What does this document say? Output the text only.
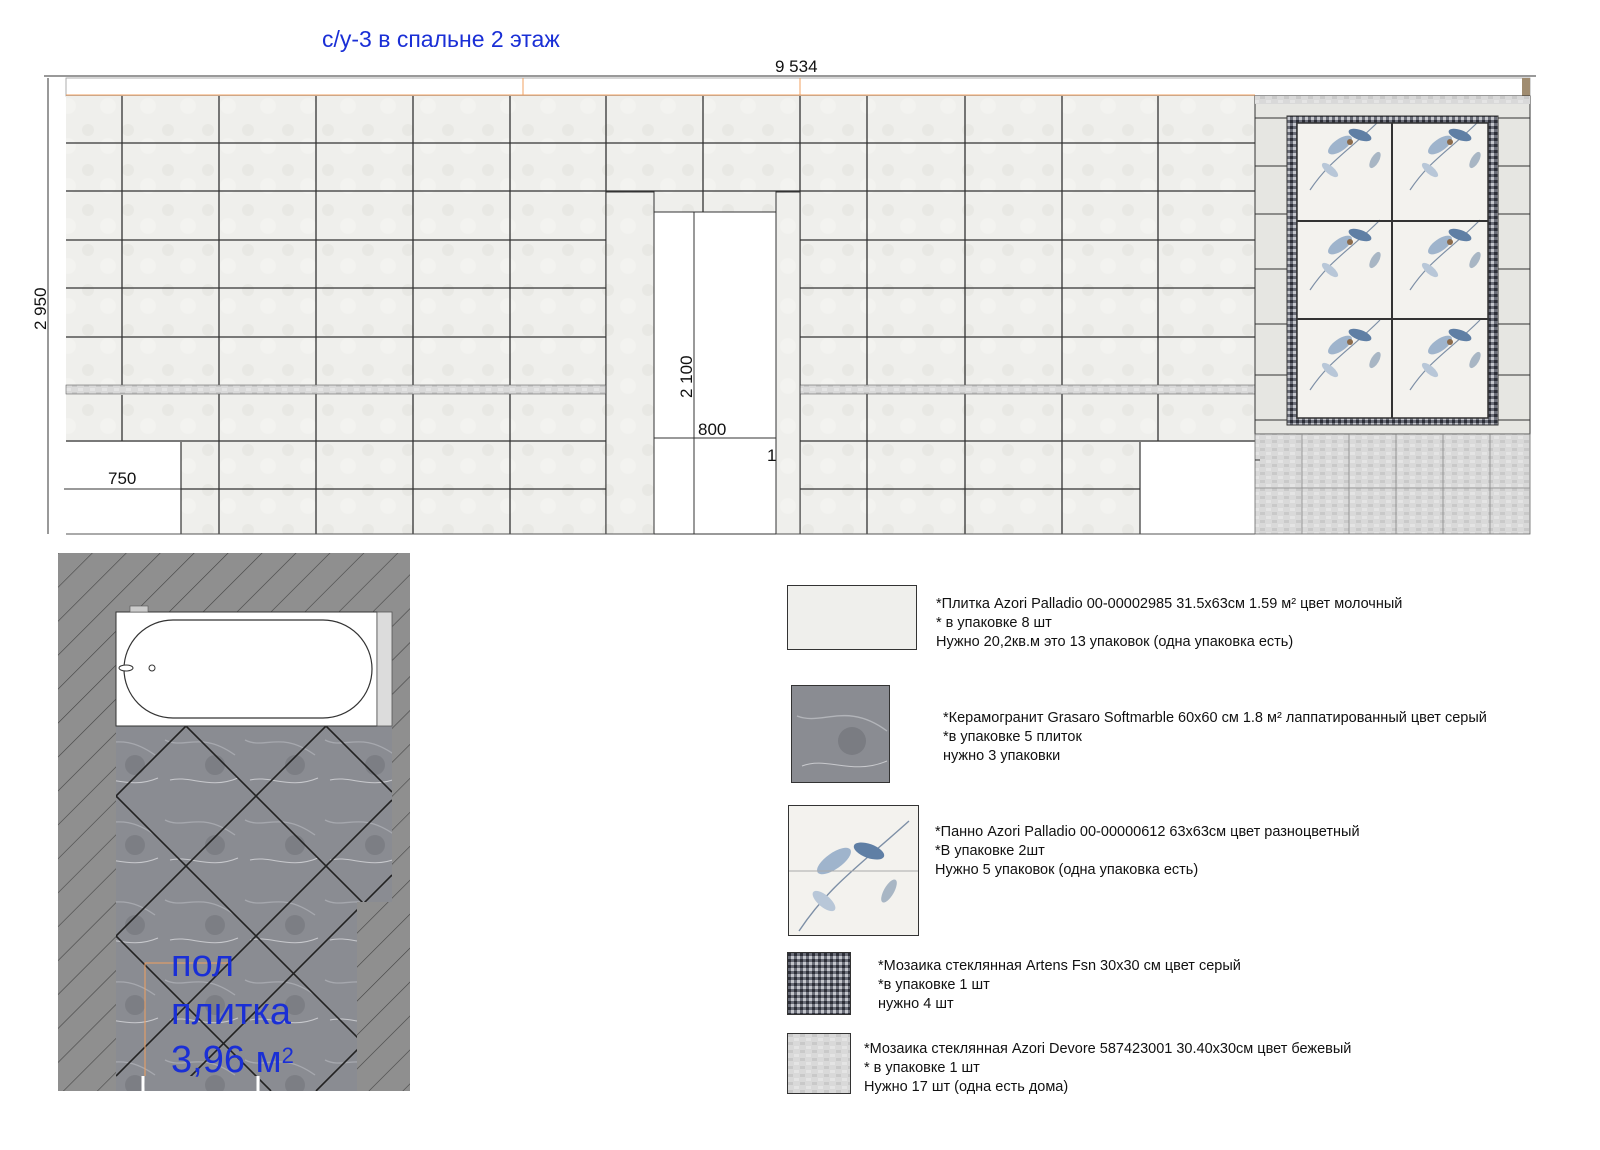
с/у-3 в спальне 2 этаж
9 534
2 950
2 100
800
750
1
пол
плитка
3,96 $м^2$
*Плитка Azori Palladio 00-00002985 31.5х63см 1.59 м² цвет молочный
* в упаковке 8 шт
Нужно 20,2кв.м это 13 упаковок (одна упаковка есть)
*Керамогранит Grasaro Softmarble 60х60 см 1.8 м² лаппатированный цвет серый
*в упаковке 5 плиток
нужно 3 упаковки
*Панно Azori Palladio 00-00000612 63х63см цвет разноцветный
*В упаковке 2шт
Нужно 5 упаковок (одна упаковка есть)
*Мозаика стеклянная Artens Fsn 30х30 см цвет серый
*в упаковке 1 шт
нужно 4 шт
*Мозаика стеклянная Azori Devore 587423001 30.40х30см цвет бежевый
* в упаковке 1 шт
Нужно 17 шт (одна есть дома)
